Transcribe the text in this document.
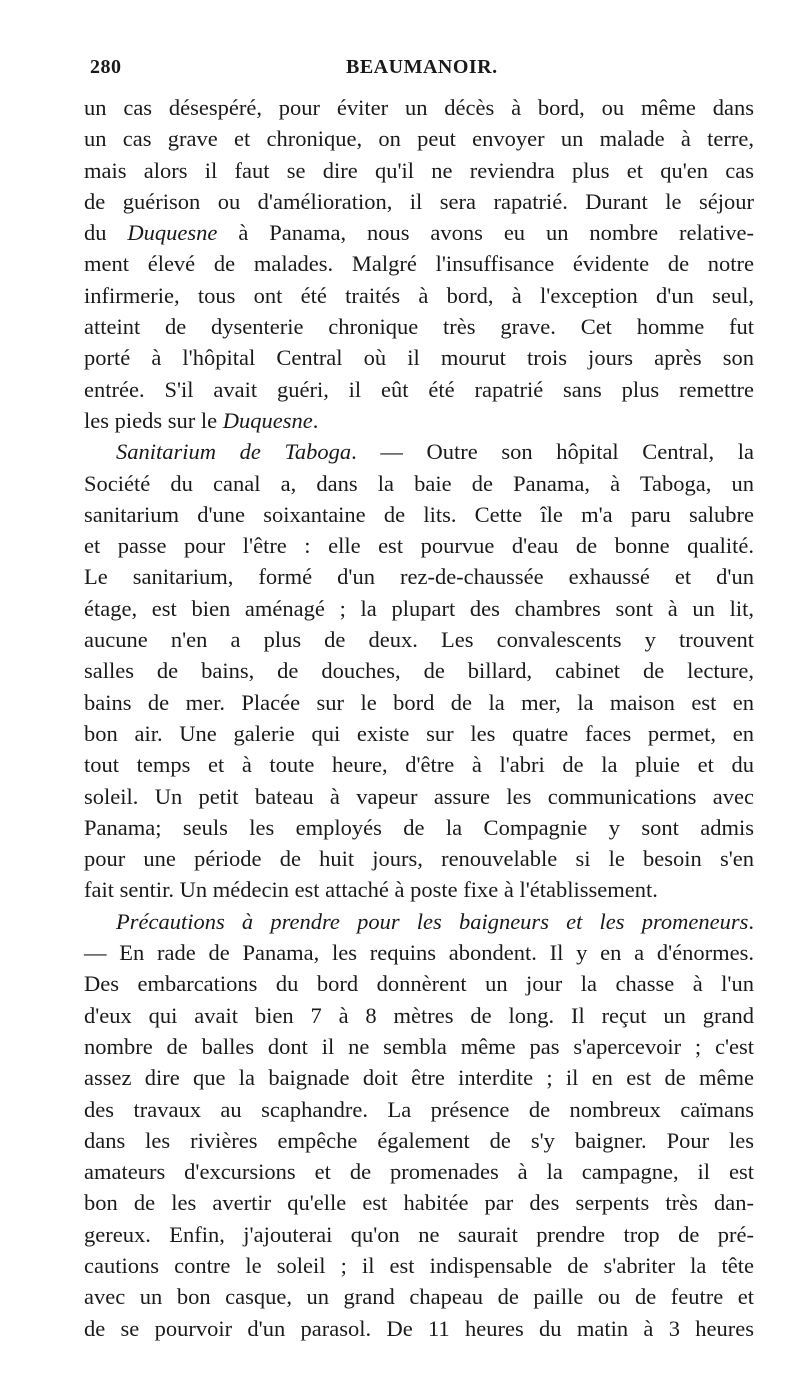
280	BEAUMANOIR.
un cas désespéré, pour éviter un décès à bord, ou même dans
un cas grave et chronique, on peut envoyer un malade à terre,
mais alors il faut se dire qu'il ne reviendra plus et qu'en cas
de guérison ou d'amélioration, il sera rapatrié. Durant le séjour
du Duquesne à Panama, nous avons eu un nombre relative-
ment élevé de malades. Malgré l'insuffisance évidente de notre
infirmerie, tous ont été traités à bord, à l'exception d'un seul,
atteint de dysenterie chronique très grave. Cet homme fut
porté à l'hôpital Central où il mourut trois jours après son
entrée. S'il avait guéri, il eût été rapatrié sans plus remettre
les pieds sur le Duquesne.
Sanitarium de Taboga. — Outre son hôpital Central, la
Société du canal a, dans la baie de Panama, à Taboga, un
sanitarium d'une soixantaine de lits. Cette île m'a paru salubre
et passe pour l'être : elle est pourvue d'eau de bonne qualité.
Le sanitarium, formé d'un rez-de-chaussée exhaussé et d'un
étage, est bien aménagé ; la plupart des chambres sont à un lit,
aucune n'en a plus de deux. Les convalescents y trouvent
salles de bains, de douches, de billard, cabinet de lecture,
bains de mer. Placée sur le bord de la mer, la maison est en
bon air. Une galerie qui existe sur les quatre faces permet, en
tout temps et à toute heure, d'être à l'abri de la pluie et du
soleil. Un petit bateau à vapeur assure les communications avec
Panama; seuls les employés de la Compagnie y sont admis
pour une période de huit jours, renouvelable si le besoin s'en
fait sentir. Un médecin est attaché à poste fixe à l'établissement.
Précautions à prendre pour les baigneurs et les promeneurs.
— En rade de Panama, les requins abondent. Il y en a d'énormes.
Des embarcations du bord donnèrent un jour la chasse à l'un
d'eux qui avait bien 7 à 8 mètres de long. Il reçut un grand
nombre de balles dont il ne sembla même pas s'apercevoir ; c'est
assez dire que la baignade doit être interdite ; il en est de même
des travaux au scaphandre. La présence de nombreux caïmans
dans les rivières empêche également de s'y baigner. Pour les
amateurs d'excursions et de promenades à la campagne, il est
bon de les avertir qu'elle est habitée par des serpents très dan-
gereux. Enfin, j'ajouterai qu'on ne saurait prendre trop de pré-
cautions contre le soleil ; il est indispensable de s'abriter la tête
avec un bon casque, un grand chapeau de paille ou de feutre et
de se pourvoir d'un parasol. De 11 heures du matin à 3 heures
